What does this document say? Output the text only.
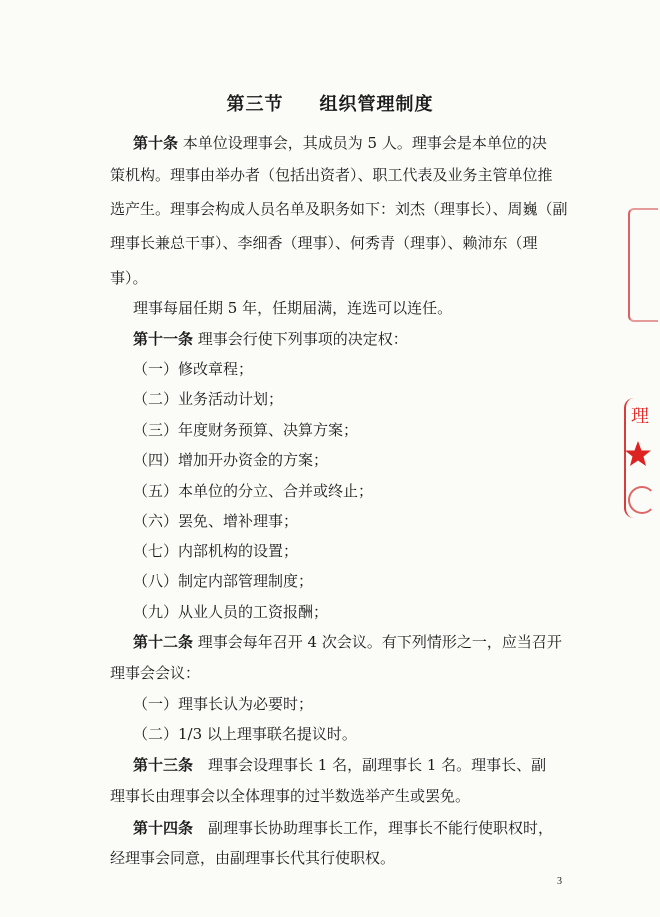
第三节 组织管理制度
第十条 本单位设理事会，其成员为 5 人。理事会是本单位的决
策机构。理事由举办者（包括出资者）、职工代表及业务主管单位推
选产生。理事会构成人员名单及职务如下：刘杰（理事长）、周巍（副
理事长兼总干事）、李细香（理事）、何秀青（理事）、赖沛东（理
事）。
理事每届任期 5 年，任期届满，连选可以连任。
第十一条 理事会行使下列事项的决定权：
（一）修改章程；
（二）业务活动计划；
（三）年度财务预算、决算方案；
（四）增加开办资金的方案；
（五）本单位的分立、合并或终止；
（六）罢免、增补理事；
（七）内部机构的设置；
（八）制定内部管理制度；
（九）从业人员的工资报酬；
第十二条 理事会每年召开 4 次会议。有下列情形之一，应当召开
理事会会议：
（一）理事长认为必要时；
（二）1/3 以上理事联名提议时。
第十三条　理事会设理事长 1 名，副理事长 1 名。理事长、副
理事长由理事会以全体理事的过半数选举产生或罢免。
第十四条　副理事长协助理事长工作，理事长不能行使职权时，
经理事会同意，由副理事长代其行使职权。
3
理
